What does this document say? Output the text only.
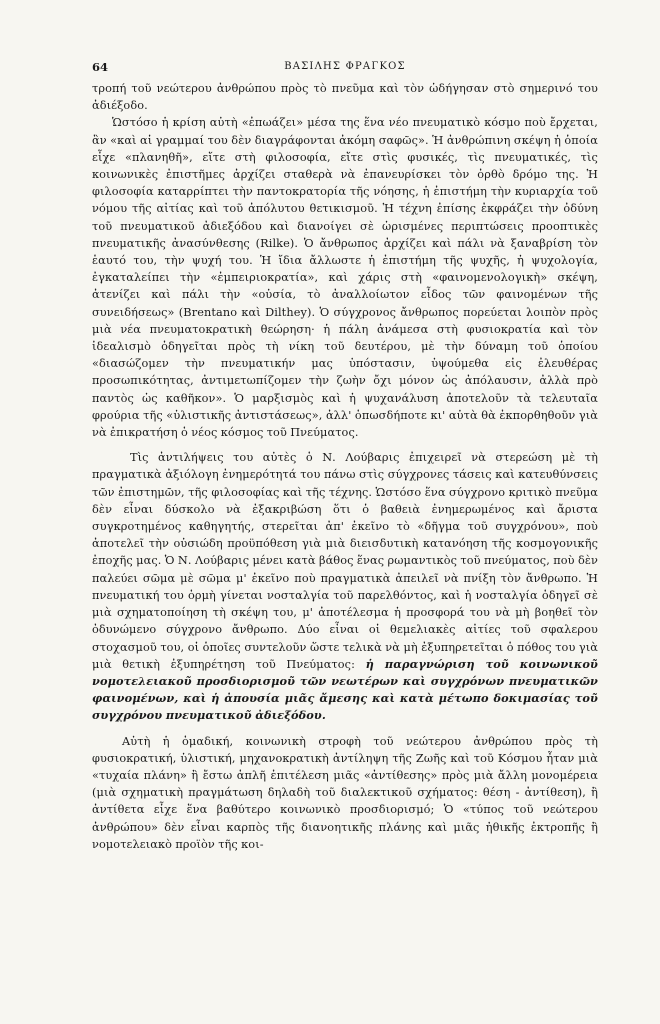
64	ΒΑΣΙΛΗΣ ΦΡΑΓΚΟΣ

τροπή τοῦ νεώτερου ἀνθρώπου πρὸς τὸ πνεῦμα καὶ τὸν ὡδήγησαν στὸ σημερινό του ἀδιέξοδο.

Ὡστόσο ἡ κρίση αὐτὴ «ἐπωάζει» μέσα της ἕνα νέο πνευματικὸ κόσμο ποὺ ἔρχεται, ἂν «καὶ αἱ γραμμαί του δὲν διαγράφονται ἀκόμη σαφῶς». Ἡ ἀνθρώπινη σκέψη ἡ ὁποία εἶχε «πλανηθῆ», εἴτε στὴ φιλοσοφία, εἴτε στὶς φυσικές, τὶς πνευματικές, τὶς κοινωνικὲς ἐπιστῆμες ἀρχίζει σταθερὰ νὰ ἐπανευρίσκει τὸν ὀρθὸ δρόμο της. Ἡ φιλοσοφία καταρρίπτει τὴν παντοκρατορία τῆς νόησης, ἡ ἐπιστήμη τὴν κυριαρχία τοῦ νόμου τῆς αἰτίας καὶ τοῦ ἀπόλυτου θετικισμοῦ. Ἡ τέχνη ἐπίσης ἐκφράζει τὴν ὀδύνη τοῦ πνευματικοῦ ἀδιεξόδου καὶ διανοίγει σὲ ὡρισμένες περιπτώσεις προοπτικὲς πνευματικῆς ἀνασύνθεσης (Rilke). Ὁ ἄνθρωπος ἀρχίζει καὶ πάλι νὰ ξαναβρίση τὸν ἑαυτό του, τὴν ψυχή του. Ἡ ἴδια ἄλλωστε ἡ ἐπιστήμη τῆς ψυχῆς, ἡ ψυχολογία, ἐγκαταλείπει τὴν «ἐμπειριοκρατία», καὶ χάρις στὴ «φαινομενολογικὴ» σκέψη, ἀτενίζει καὶ πάλι τὴν «οὐσία, τὸ ἀναλλοίωτον εἶδος τῶν φαινομένων τῆς συνειδήσεως» (Brentano καὶ Dilthey). Ὁ σύγχρονος ἄνθρωπος πορεύεται λοιπὸν πρὸς μιὰ νέα πνευματοκρατικὴ θεώρηση· ἡ πάλη ἀνάμεσα στὴ φυσιοκρατία καὶ τὸν ἰδεαλισμὸ ὁδηγεῖται πρὸς τὴ νίκη τοῦ δευτέρου, μὲ τὴν δύναμη τοῦ ὁποίου «διασώζομεν τὴν πνευματικήν μας ὑπόστασιν, ὑψούμεθα εἰς ἐλευθέρας προσωπικότητας, ἀντιμετωπίζομεν τὴν ζωὴν ὄχι μόνον ὡς ἀπόλαυσιν, ἀλλὰ πρὸ παντὸς ὡς καθῆκον». Ὁ μαρξισμὸς καὶ ἡ ψυχανάλυση ἀποτελοῦν τὰ τελευταῖα φρούρια τῆς «ὑλιστικῆς ἀντιστάσεως», ἀλλ' ὁπωσδήποτε κι' αὐτὰ θὰ ἐκπορθηθοῦν γιὰ νὰ ἐπικρατήση ὁ νέος κόσμος τοῦ Πνεύματος.

Τὶς ἀντιλήψεις του αὐτὲς ὁ Ν. Λούβαρις ἐπιχειρεῖ νὰ στερεώση μὲ τὴ πραγματικὰ ἀξιόλογη ἐνημερότητά του πάνω στὶς σύγχρονες τάσεις καὶ κατευθύνσεις τῶν ἐπιστημῶν, τῆς φιλοσοφίας καὶ τῆς τέχνης. Ὡστόσο ἕνα σύγχρονο κριτικὸ πνεῦμα δὲν εἶναι δύσκολο νὰ ἐξακριβώση ὅτι ὁ βαθειὰ ἐνημερωμένος καὶ ἄριστα συγκροτημένος καθηγητής, στερεῖται ἀπ' ἐκεῖνο τὸ «δῆγμα τοῦ συγχρόνου», ποὺ ἀποτελεῖ τὴν οὐσιώδη προϋπόθεση γιὰ μιὰ διεισδυτικὴ κατανόηση τῆς κοσμογονικῆς ἐποχῆς μας. Ὁ Ν. Λούβαρις μένει κατὰ βάθος ἕνας ρωμαντικὸς τοῦ πνεύματος, ποὺ δὲν παλεύει σῶμα μὲ σῶμα μ' ἐκεῖνο ποὺ πραγματικὰ ἀπειλεῖ νὰ πνίξη τὸν ἄνθρωπο. Ἡ πνευματική του ὁρμὴ γίνεται νοσταλγία τοῦ παρελθόντος, καὶ ἡ νοσταλγία ὁδηγεῖ σὲ μιὰ σχηματοποίηση τὴ σκέψη του, μ' ἀποτέλεσμα ἡ προσφορά του νὰ μὴ βοηθεῖ τὸν ὀδυνώμενο σύγχρονο ἄνθρωπο. Δύο εἶναι οἱ θεμελιακὲς αἰτίες τοῦ σφαλερου στοχασμοῦ του, οἱ ὁποῖες συντελοῦν ὥστε τελικὰ νὰ μὴ ἐξυπηρετεῖται ὁ πόθος του γιὰ μιὰ θετικὴ ἐξυπηρέτηση τοῦ Πνεύματος: ἡ παραγνώριση τοῦ κοινωνικοῦ νομοτελειακοῦ προσδιορισμοῦ τῶν νεωτέρων καὶ συγχρόνων πνευματικῶν φαινομένων, καὶ ἡ ἀπουσία μιᾶς ἄμεσης καὶ κατὰ μέτωπο δοκιμασίας τοῦ συγχρόνου πνευματικοῦ ἀδιεξόδου.

Αὐτὴ ἡ ὁμαδική, κοινωνικὴ στροφὴ τοῦ νεώτερου ἀνθρώπου πρὸς τὴ φυσιοκρατική, ὑλιστική, μηχανοκρατικὴ ἀντίληψη τῆς Ζωῆς καὶ τοῦ Κόσμου ἦταν μιὰ «τυχαία πλάνη» ἢ ἔστω ἁπλῆ ἐπιτέλεση μιᾶς «ἀντίθεσης» πρὸς μιὰ ἄλλη μονομέρεια (μιὰ σχηματικὴ πραγμάτωση δηλαδὴ τοῦ διαλεκτικοῦ σχήματος: θέση - ἀντίθεση), ἢ ἀντίθετα εἶχε ἕνα βαθύτερο κοινωνικὸ προσδιορισμό; Ὁ «τύπος τοῦ νεώτερου ἀνθρώπου» δὲν εἶναι καρπὸς τῆς διανοητικῆς πλάνης καὶ μιᾶς ἠθικῆς ἐκτροπῆς ἢ νομοτελειακὸ προϊὸν τῆς κοι-
